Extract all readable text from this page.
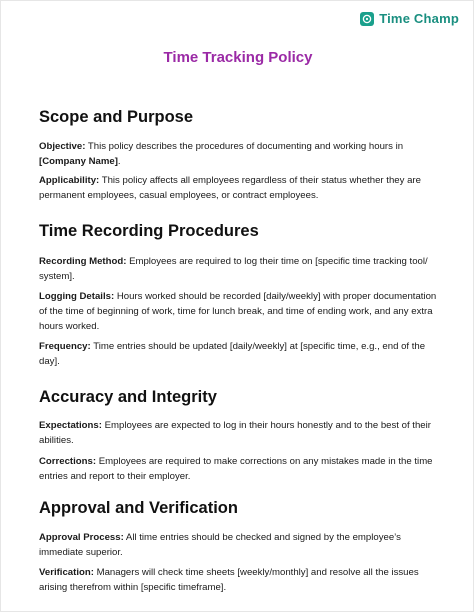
Time Champ
Time Tracking Policy
Scope and Purpose

Objective: This policy describes the procedures of documenting and working hours in [Company Name].

Applicability: This policy affects all employees regardless of their status whether they are permanent employees, casual employees, or contract employees.

Time Recording Procedures

Recording Method: Employees are required to log their time on [specific time tracking tool/ system].

Logging Details: Hours worked should be recorded [daily/weekly] with proper documentation of the time of beginning of work, time for lunch break, and time of ending work, and any extra hours worked.

Frequency: Time entries should be updated [daily/weekly] at [specific time, e.g., end of the day].

Accuracy and Integrity

Expectations: Employees are expected to log in their hours honestly and to the best of their abilities.

Corrections: Employees are required to make corrections on any mistakes made in the time entries and report to their employer.

Approval and Verification

Approval Process: All time entries should be checked and signed by the employee’s immediate superior.

Verification: Managers will check time sheets [weekly/monthly] and resolve all the issues arising therefrom within [specific timeframe].
